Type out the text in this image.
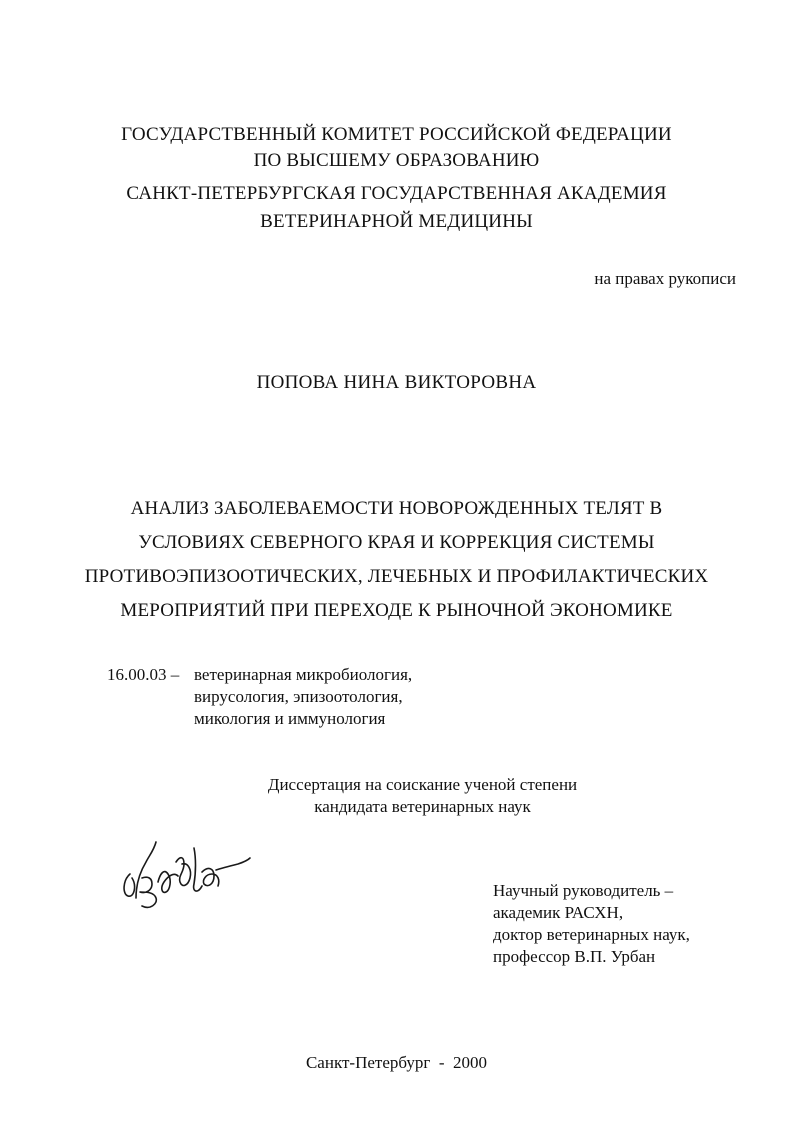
ГОСУДАРСТВЕННЫЙ КОМИТЕТ РОССИЙСКОЙ ФЕДЕРАЦИИ
ПО ВЫСШЕМУ ОБРАЗОВАНИЮ
САНКТ-ПЕТЕРБУРГСКАЯ ГОСУДАРСТВЕННАЯ АКАДЕМИЯ
ВЕТЕРИНАРНОЙ МЕДИЦИНЫ
на правах рукописи
ПОПОВА НИНА ВИКТОРОВНА
АНАЛИЗ ЗАБОЛЕВАЕМОСТИ НОВОРОЖДЕННЫХ ТЕЛЯТ В
УСЛОВИЯХ СЕВЕРНОГО КРАЯ И КОРРЕКЦИЯ СИСТЕМЫ
ПРОТИВОЭПИЗООТИЧЕСКИХ, ЛЕЧЕБНЫХ И ПРОФИЛАКТИЧЕСКИХ
МЕРОПРИЯТИЙ ПРИ ПЕРЕХОДЕ К РЫНОЧНОЙ ЭКОНОМИКЕ
16.00.03 – ветеринарная микробиология,
вирусология, эпизоотология,
микология и иммунология
Диссертация на соискание ученой степени
кандидата ветеринарных наук
Научный руководитель –
академик РАСХН,
доктор ветеринарных наук,
профессор В.П. Урбан
Санкт-Петербург  -  2000
